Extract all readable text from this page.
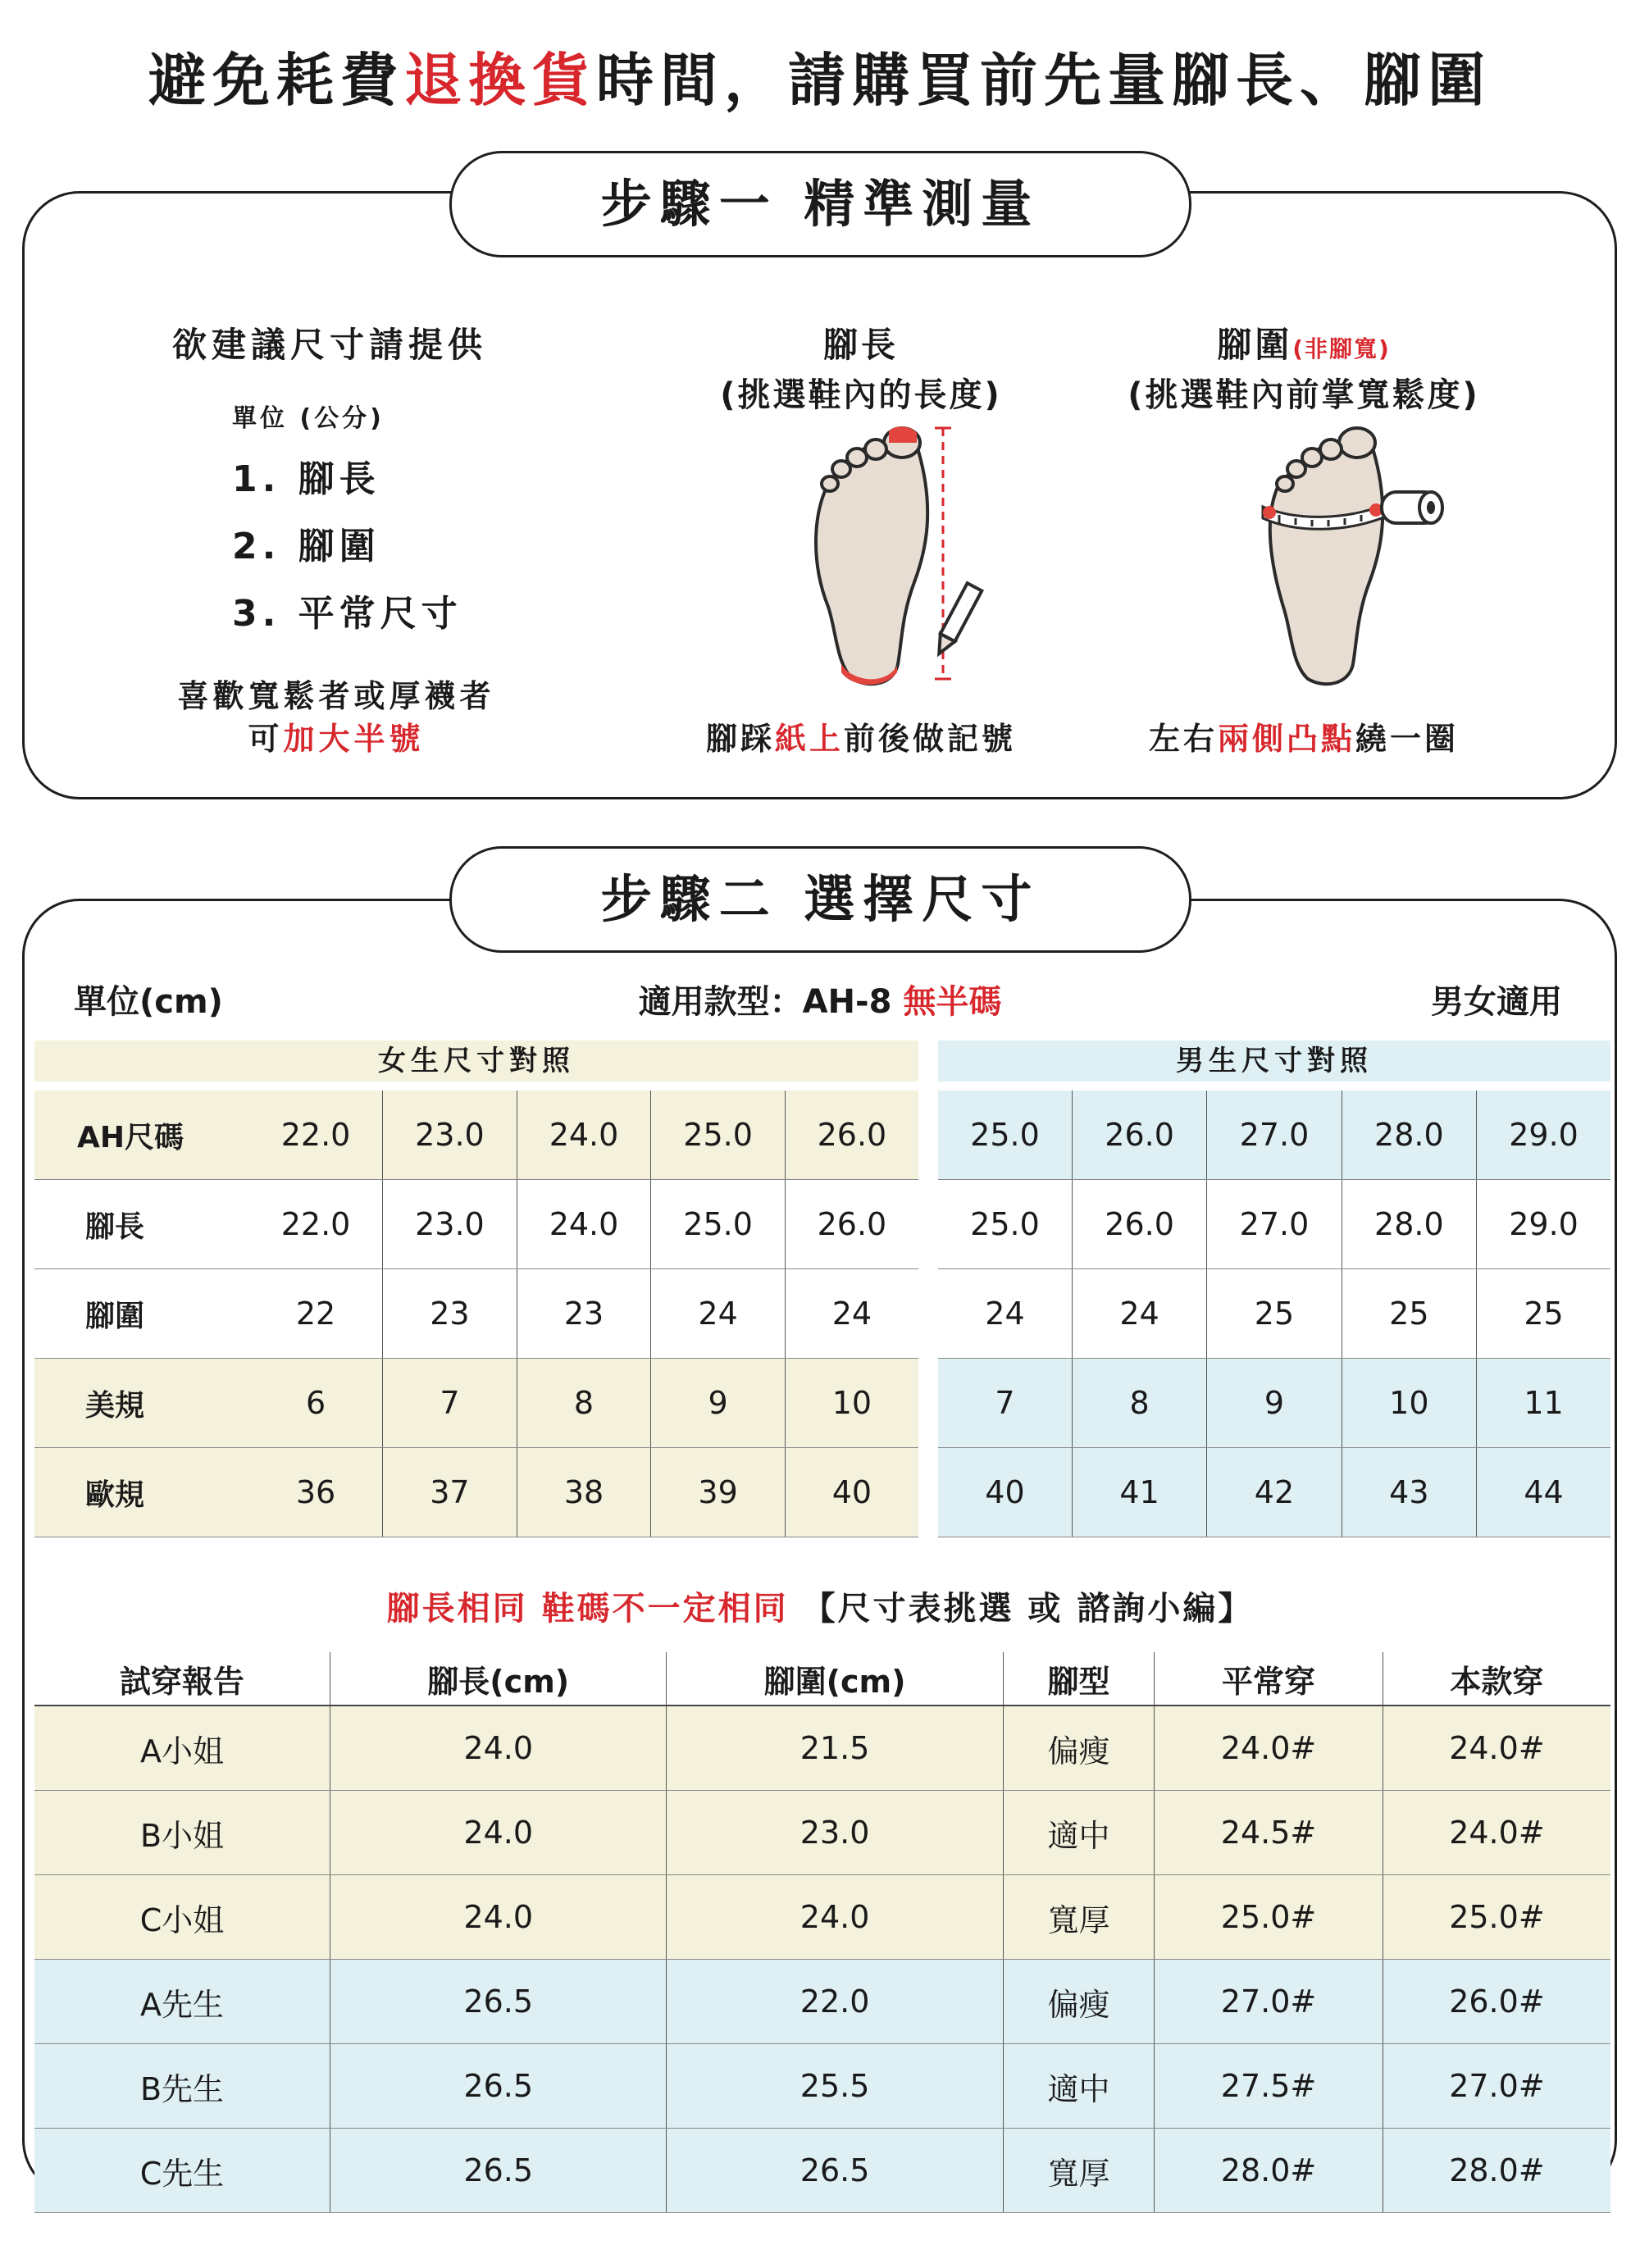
避免耗費退換貨時間，請購買前先量腳長、腳圍
步驟一 精準測量
欲建議尺寸請提供
單位 (公分)
1. 腳長
2. 腳圍
3. 平常尺寸
喜歡寬鬆者或厚襪者
可加大半號
腳長
(挑選鞋內的長度)
腳踩紙上前後做記號
腳圍(非腳寬)
(挑選鞋內前掌寬鬆度)
左右兩側凸點繞一圈
步驟二 選擇尺寸
單位(cm)	適用款型：AH-8 無半碼	男女適用
女生尺寸對照	男生尺寸對照
AH尺碼	22.0	23.0	24.0	25.0	26.0
腳長	22.0	23.0	24.0	25.0	26.0
腳圍	22	23	23	24	24
美規	6	7	8	9	10
歐規	36	37	38	39	40
25.0	26.0	27.0	28.0	29.0
25.0	26.0	27.0	28.0	29.0
24	24	25	25	25
7	8	9	10	11
40	41	42	43	44
腳長相同 鞋碼不一定相同 【尺寸表挑選 或 諮詢小編】
試穿報告	腳長(cm)	腳圍(cm)	腳型	平常穿	本款穿
A小姐	24.0	21.5	偏瘦	24.0#	24.0#
B小姐	24.0	23.0	適中	24.5#	24.0#
C小姐	24.0	24.0	寬厚	25.0#	25.0#
A先生	26.5	22.0	偏瘦	27.0#	26.0#
B先生	26.5	25.5	適中	27.5#	27.0#
C先生	26.5	26.5	寬厚	28.0#	28.0#
